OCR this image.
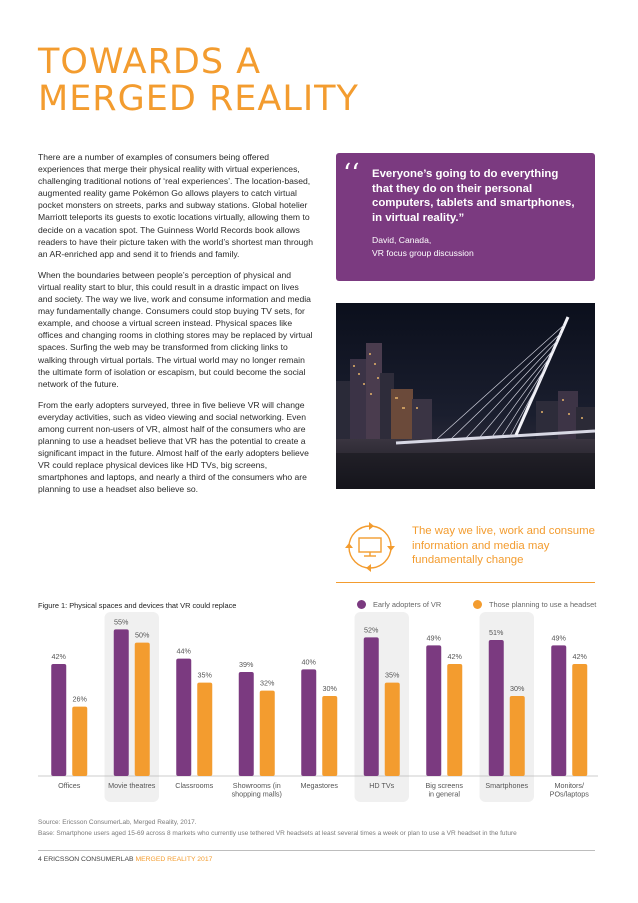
TOWARDS A
MERGED REALITY

There are a number of examples of consumers being offered experiences that merge their physical reality with virtual experiences, challenging traditional notions of ‘real experiences’. The location-based, augmented reality game Pokémon Go allows players to catch virtual pocket monsters on streets, parks and subway stations. Global hotelier Marriott teleports its guests to exotic locations virtually, allowing them to decide on a vacation spot. The Guinness World Records book allows readers to have their picture taken with the world’s shortest man through an AR-enriched app and send it to friends and family.

When the boundaries between people’s perception of physical and virtual reality start to blur, this could result in a drastic impact on lives and society. The way we live, work and consume information and media may fundamentally change. Consumers could stop buying TV sets, for example, and choose a virtual screen instead. Physical spaces like offices and changing rooms in clothing stores may be replaced by virtual spaces. Surfing the web may be transformed from clicking links to walking through virtual portals. The virtual world may no longer remain the ultimate form of isolation or escapism, but could become the social network of the future.

From the early adopters surveyed, three in five believe VR will change everyday activities, such as video viewing and social networking. Even among current non-users of VR, almost half of the consumers who are planning to use a headset believe that VR has the potential to create a significant impact in the future. Almost half of the early adopters believe VR could replace physical devices like HD TVs, big screens, smartphones and laptops, and nearly a third of the consumers who are planning to use a headset also believe so.

‘‘ Everyone’s going to do everything that they do on their personal computers, tablets and smartphones, in virtual reality.”
David, Canada,
VR focus group discussion
The way we live, work and consume information and media may fundamentally change
Figure 1: Physical spaces and devices that VR could replace	Early adopters of VR	Those planning to use a headset
42%
26%
Offices
55%
50%
Movie theatres
44%
35%
Classrooms
39%
32%
Showrooms (in
shopping malls)
40%
30%
Megastores
52%
35%
HD TVs
49%
42%
Big screens
in general
51%
30%
Smartphones
49%
42%
Monitors/
POs/laptops
Source: Ericsson ConsumerLab, Merged Reality, 2017.
Base: Smartphone users aged 15-69 across 8 markets who currently use tethered VR headsets at least several times a week or plan to use a VR headset in the future
4 ERICSSON CONSUMERLAB MERGED REALITY 2017
